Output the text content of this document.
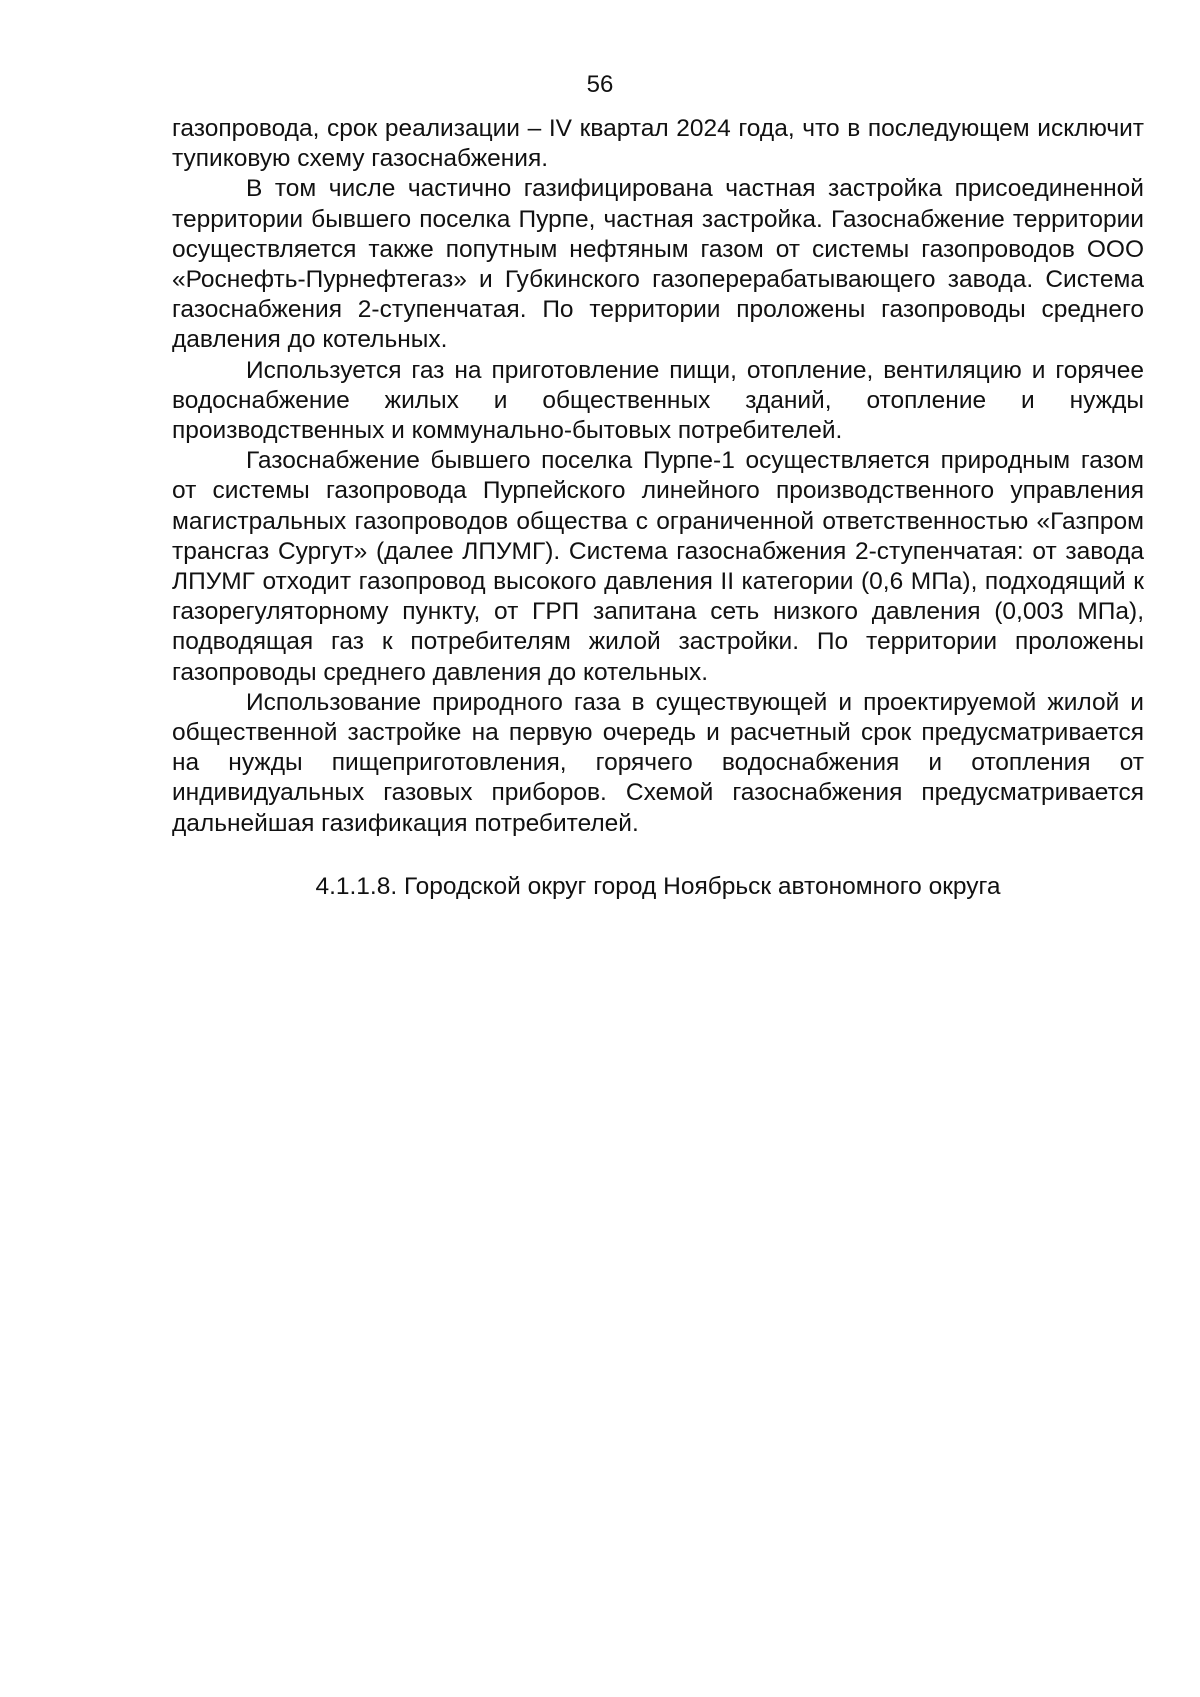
56

газопровода, срок реализации – IV квартал 2024 года, что в последующем исключит тупиковую схему газоснабжения.

В том числе частично газифицирована частная застройка присоединенной территории бывшего поселка Пурпе, частная застройка. Газоснабжение территории осуществляется также попутным нефтяным газом от системы газопроводов ООО «Роснефть-Пурнефтегаз» и Губкинского газоперерабатывающего завода. Система газоснабжения 2-ступенчатая. По территории проложены газопроводы среднего давления до котельных.

Используется газ на приготовление пищи, отопление, вентиляцию и горячее водоснабжение жилых и общественных зданий, отопление и нужды производственных и коммунально-бытовых потребителей.

Газоснабжение бывшего поселка Пурпе-1 осуществляется природным газом от системы газопровода Пурпейского линейного производственного управления магистральных газопроводов общества с ограниченной ответственностью «Газпром трансгаз Сургут» (далее ЛПУМГ). Система газоснабжения 2-ступенчатая: от завода ЛПУМГ отходит газопровод высокого давления II категории (0,6 МПа), подходящий к газорегуляторному пункту, от ГРП запитана сеть низкого давления (0,003 МПа), подводящая газ к потребителям жилой застройки. По территории проложены газопроводы среднего давления до котельных.

Использование природного газа в существующей и проектируемой жилой и общественной застройке на первую очередь и расчетный срок предусматривается на нужды пищеприготовления, горячего водоснабжения и отопления от индивидуальных газовых приборов. Схемой газоснабжения предусматривается дальнейшая газификация потребителей.

4.1.1.8. Городской округ город Ноябрьск автономного округа
